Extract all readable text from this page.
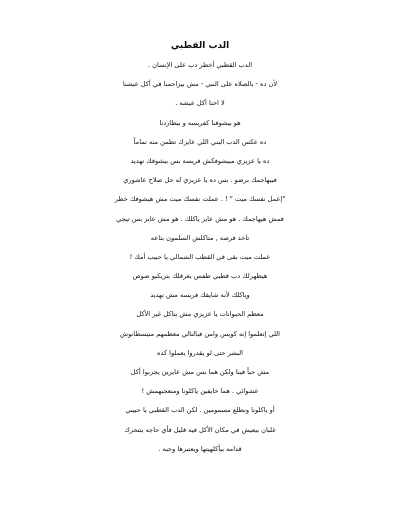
الدب القطبي
الدب القطبي أخطر دب على الإنسان .
لأن ده - بالصلاه على النبي - مش بيزاحمنا في أكل عيشنا
لا احنا أكل عيشه .
هو بيشوفنا كفريسه و بيطاردنا
ده عكس الدب البني اللي عايزك تطمن منه تماماً
ده يا عزيزي مبيشوفكش فريسه بس بيشوفك تهديد
فبيهاجمك برضو . بس ده يا عزيزي له حل صلاح عاشوري
"إعمل نفسك ميت " ! . عملت نفسك ميت مش هيشوفك خطر
فمش هيهاجمك . هو مش عايز ياكلك . هو مش عايز بس تيجي
تاخد فرصه , متاكلش السلمون بتاعه
عملت ميت بقى في القطب الشمالي يا حبيب أمك !
هيظهرلك دب قطبي طفس يغرقلك بتريكيو صوص
وياكلك لأنه شايفك فريسه مش تهديد
معظم الحيوانات يا عزيزي مش بتاكل غير الأكل
اللي إتعلموا إنه كويس وامن فبالتالي معظمهم منيسطانوش
البشر حتى لو يقدروا يعملوا كده
مش حباً فينا ولكن هما بس مش عايزين يجربوا أكل
عشوائي . هما خايفين ياكلونا ومنعجبهمش !
أو ياكلونا ونطلع مسمومين . لكن الدب القطبي يا حبيبي
غلبان بيعيش في مكان الأكل فيه قليل فأي حاجه بتتحرك
قدامه بيأكلهيتها ويعتبرها وجبه .
